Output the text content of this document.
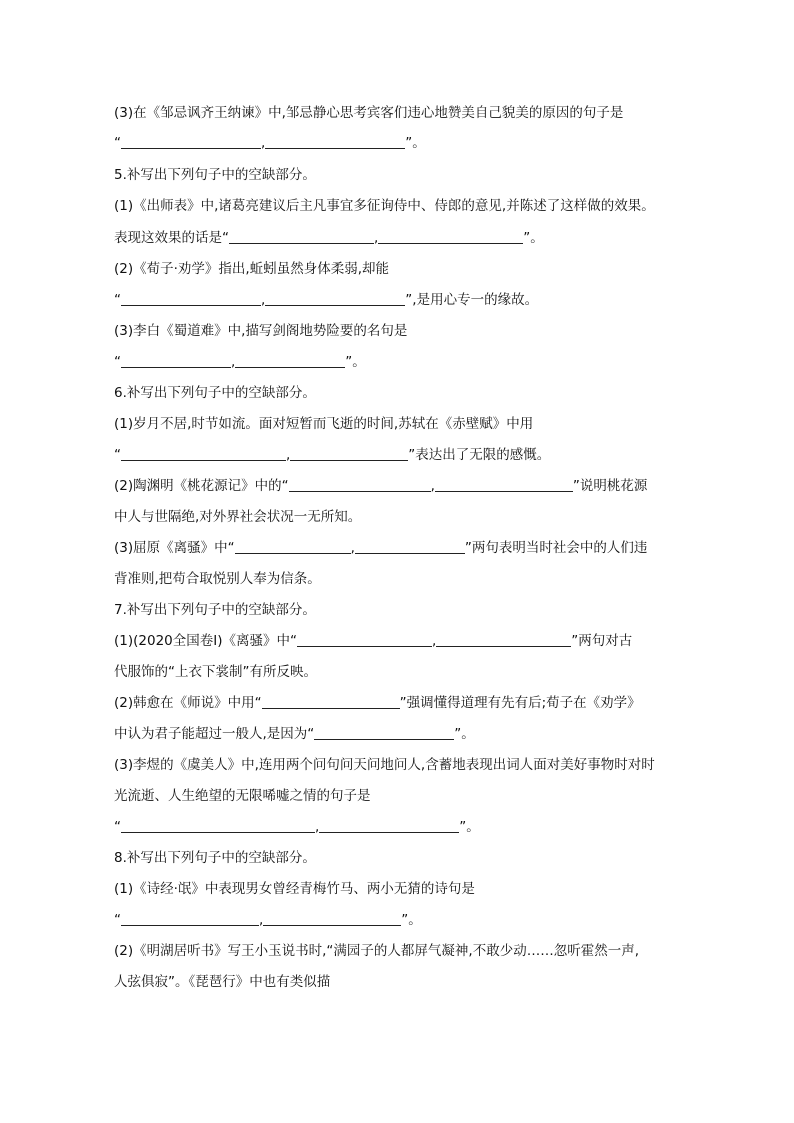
(3)在《邹忌讽齐王纳谏》中,邹忌静心思考宾客们违心地赞美自己貌美的原因的句子是
“	,	”。
5.补写出下列句子中的空缺部分。
(1)《出师表》中,诸葛亮建议后主凡事宜多征询侍中、侍郎的意见,并陈述了这样做的效果。
表现这效果的话是“	,	”。
(2)《荀子·劝学》指出,蚯蚓虽然身体柔弱,却能
“	,	”,是用心专一的缘故。
(3)李白《蜀道难》中,描写剑阁地势险要的名句是
“	,	”。
6.补写出下列句子中的空缺部分。
(1)岁月不居,时节如流。面对短暂而飞逝的时间,苏轼在《赤壁赋》中用
“	,	”表达出了无限的感慨。
(2)陶渊明《桃花源记》中的“	,	”说明桃花源
中人与世隔绝,对外界社会状况一无所知。
(3)屈原《离骚》中“	,	”两句表明当时社会中的人们违
背准则,把苟合取悦别人奉为信条。
7.补写出下列句子中的空缺部分。
(1)(2020全国卷Ⅰ)《离骚》中“	,	”两句对古
代服饰的“上衣下裳制”有所反映。
(2)韩愈在《师说》中用“	”强调懂得道理有先有后;荀子在《劝学》
中认为君子能超过一般人,是因为“	”。
(3)李煜的《虞美人》中,连用两个问句问天问地问人,含蓄地表现出词人面对美好事物时对时
光流逝、人生绝望的无限唏嘘之情的句子是
“	,	”。
8.补写出下列句子中的空缺部分。
(1)《诗经·氓》中表现男女曾经青梅竹马、两小无猜的诗句是
“	,	”。
(2)《明湖居听书》写王小玉说书时,“满园子的人都屏气凝神,不敢少动……忽听霍然一声,
人弦俱寂”。《琵琶行》中也有类似描
